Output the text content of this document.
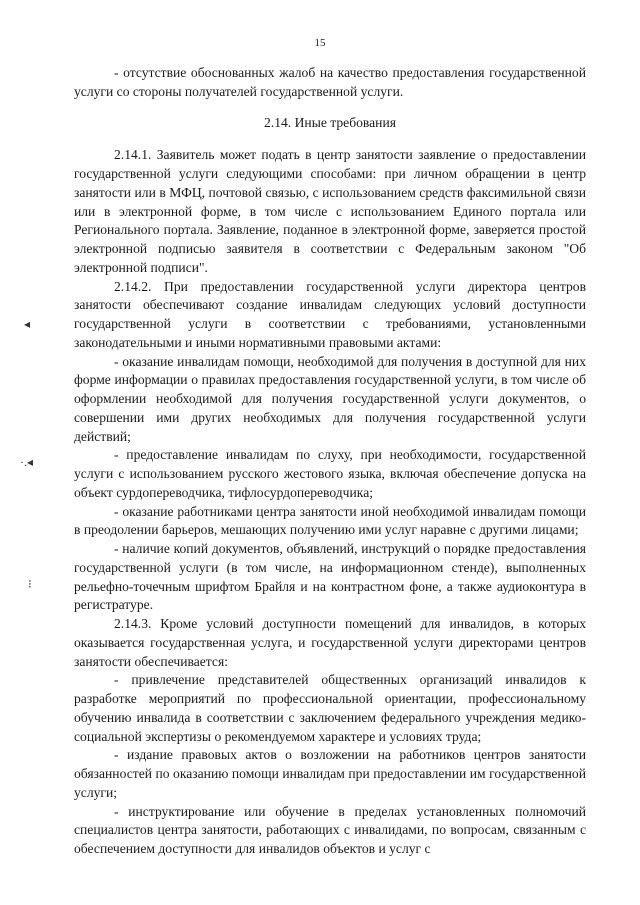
15
◂
·.◂
⁝

- отсутствие обоснованных жалоб на качество предоставления государственной услуги со стороны получателей государственной услуги.

2.14. Иные требования

2.14.1. Заявитель может подать в центр занятости заявление о предоставлении государственной услуги следующими способами: при личном обращении в центр занятости или в МФЦ, почтовой связью, с использованием средств факсимильной связи или в электронной форме, в том числе с использованием Единого портала или Регионального портала. Заявление, поданное в электронной форме, заверяется простой электронной подписью заявителя в соответствии с Федеральным законом "Об электронной подписи".

2.14.2. При предоставлении государственной услуги директора центров занятости обеспечивают создание инвалидам следующих условий доступности государственной услуги в соответствии с требованиями, установленными законодательными и иными нормативными правовыми актами:

- оказание инвалидам помощи, необходимой для получения в доступной для них форме информации о правилах предоставления государственной услуги, в том числе об оформлении необходимой для получения государственной услуги документов, о совершении ими других необходимых для получения государственной услуги действий;

- предоставление инвалидам по слуху, при необходимости, государственной услуги с использованием русского жестового языка, включая обеспечение допуска на объект сурдопереводчика, тифлосурдопереводчика;

- оказание работниками центра занятости иной необходимой инвалидам помощи в преодолении барьеров, мешающих получению ими услуг наравне с другими лицами;

- наличие копий документов, объявлений, инструкций о порядке предоставления государственной услуги (в том числе, на информационном стенде), выполненных рельефно-точечным шрифтом Брайля и на контрастном фоне, а также аудиоконтура в регистратуре.

2.14.3. Кроме условий доступности помещений для инвалидов, в которых оказывается государственная услуга, и государственной услуги директорами центров занятости обеспечивается:

- привлечение представителей общественных организаций инвалидов к разработке мероприятий по профессиональной ориентации, профессиональному обучению инвалида в соответствии с заключением федерального учреждения медико-социальной экспертизы о рекомендуемом характере и условиях труда;

- издание правовых актов о возложении на работников центров занятости обязанностей по оказанию помощи инвалидам при предоставлении им государственной услуги;

- инструктирование или обучение в пределах установленных полномочий специалистов центра занятости, работающих с инвалидами, по вопросам, связанным с обеспечением доступности для инвалидов объектов и услуг с
